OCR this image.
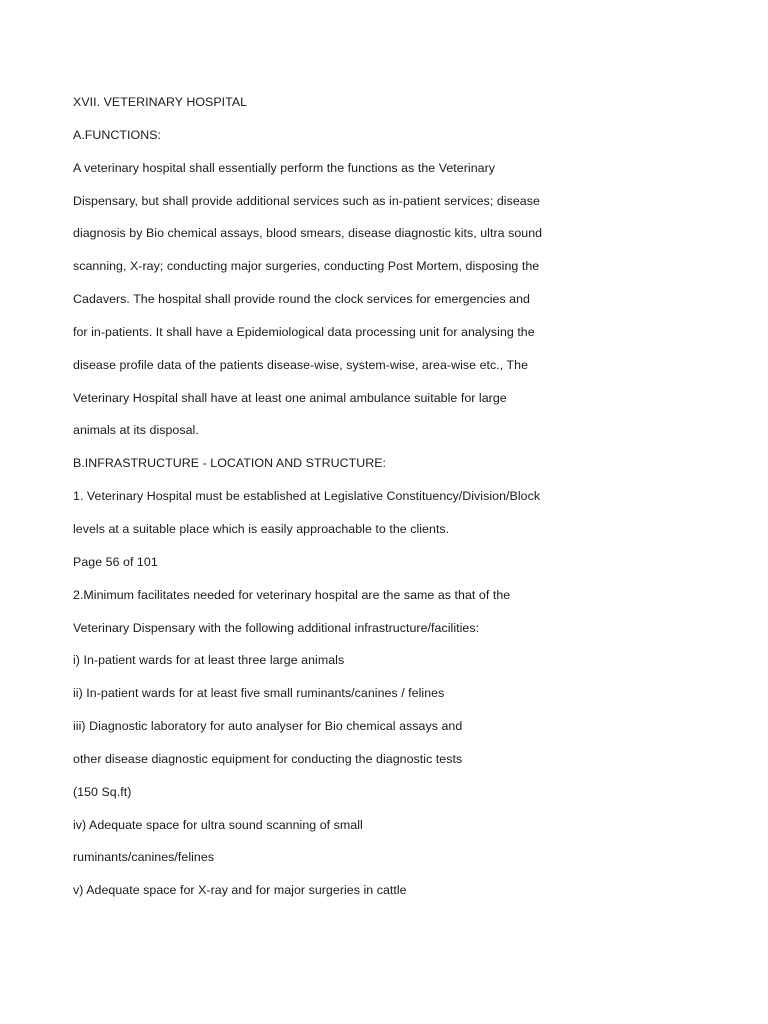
XVII. VETERINARY HOSPITAL
A.FUNCTIONS:
A veterinary hospital shall essentially perform the functions as the Veterinary
Dispensary, but shall provide additional services such as in-patient services; disease
diagnosis by Bio chemical assays, blood smears, disease diagnostic kits, ultra sound
scanning, X-ray; conducting major surgeries, conducting Post Mortem, disposing the
Cadavers. The hospital shall provide round the clock services for emergencies and
for in-patients. It shall have a Epidemiological data processing unit for analysing the
disease profile data of the patients disease-wise, system-wise, area-wise etc., The
Veterinary Hospital shall have at least one animal ambulance suitable for large
animals at its disposal.
B.INFRASTRUCTURE - LOCATION AND STRUCTURE:
1. Veterinary Hospital must be established at Legislative Constituency/Division/Block
levels at a suitable place which is easily approachable to the clients.
Page 56 of 101
2.Minimum facilitates needed for veterinary hospital are the same as that of the
Veterinary Dispensary with the following additional infrastructure/facilities:
i) In-patient wards for at least three large animals
ii) In-patient wards for at least five small ruminants/canines / felines
iii) Diagnostic laboratory for auto analyser for Bio chemical assays and
other disease diagnostic equipment for conducting the diagnostic tests
(150 Sq.ft)
iv) Adequate space for ultra sound scanning of small
ruminants/canines/felines
v) Adequate space for X-ray and for major surgeries in cattle
